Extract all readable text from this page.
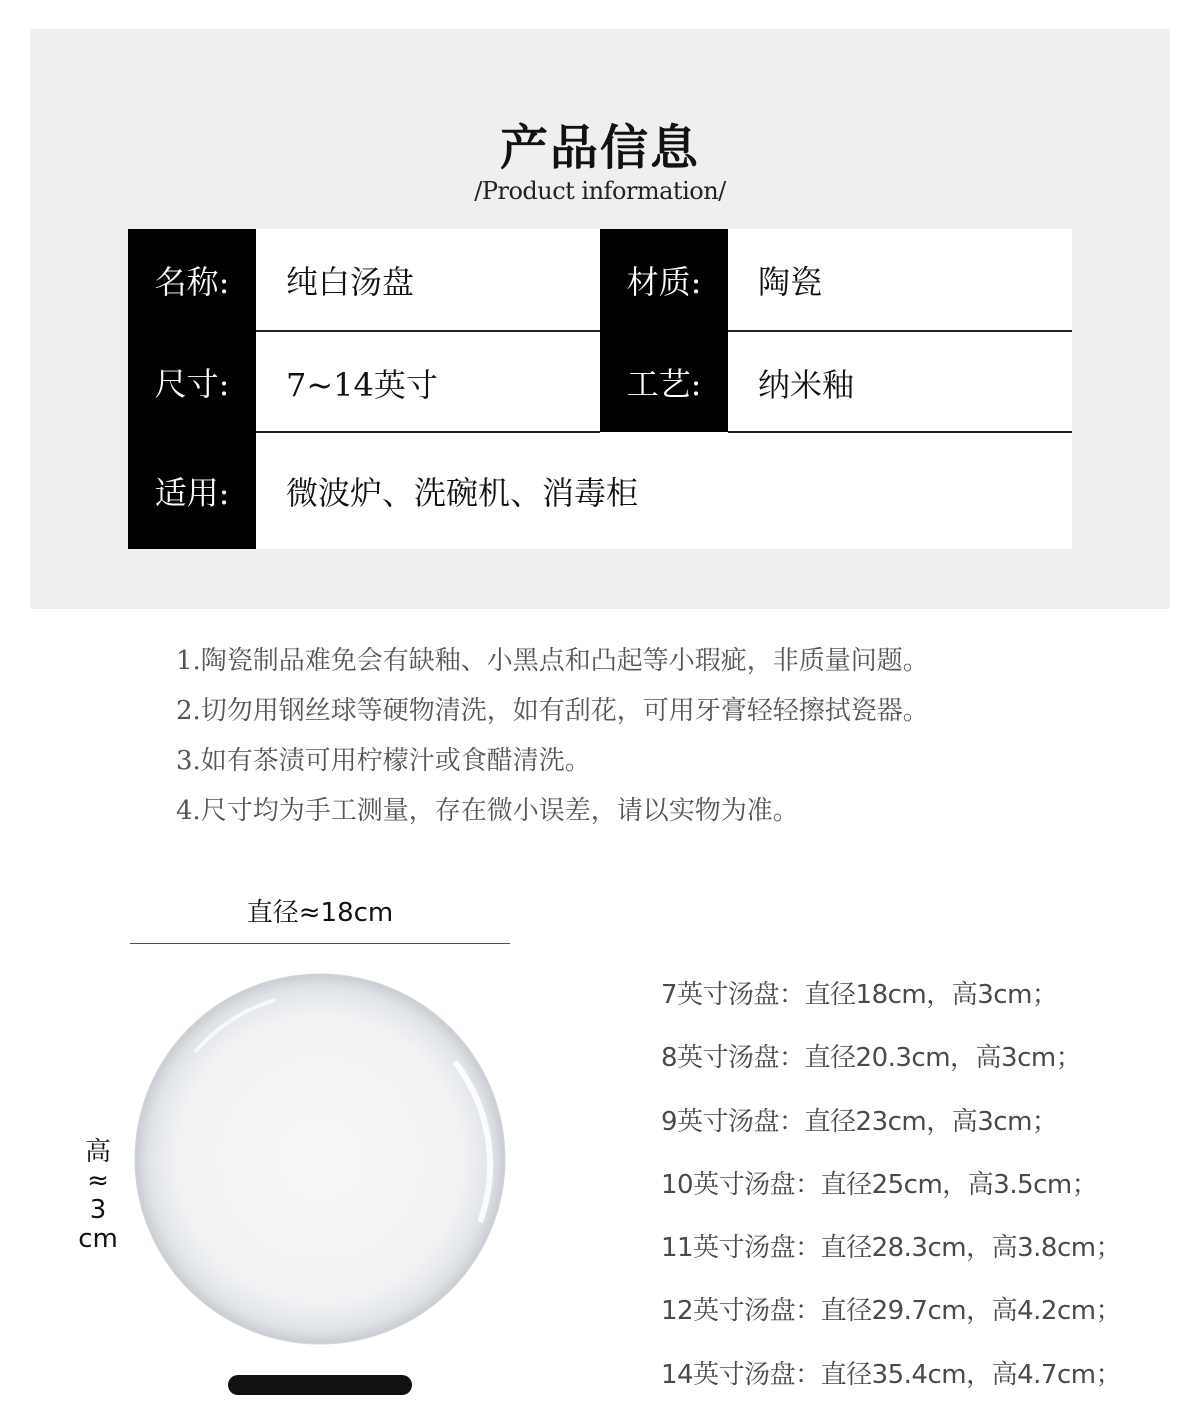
产品信息
/Product information/
名称:	纯白汤盘	材质:	陶瓷
尺寸:	7~14英寸	工艺:	纳米釉
适用:	微波炉、洗碗机、消毒柜
1.陶瓷制品难免会有缺釉、小黑点和凸起等小瑕疵，非质量问题。
2.切勿用钢丝球等硬物清洗，如有刮花，可用牙膏轻轻擦拭瓷器。
3.如有茶渍可用柠檬汁或食醋清洗。
4.尺寸均为手工测量，存在微小误差，请以实物为准。
直径≈18cm
高
≈
3
cm
7英寸汤盘：直径18cm，高3cm；
8英寸汤盘：直径20.3cm，高3cm；
9英寸汤盘：直径23cm，高3cm；
10英寸汤盘：直径25cm，高3.5cm；
11英寸汤盘：直径28.3cm，高3.8cm；
12英寸汤盘：直径29.7cm，高4.2cm；
14英寸汤盘：直径35.4cm，高4.7cm；
